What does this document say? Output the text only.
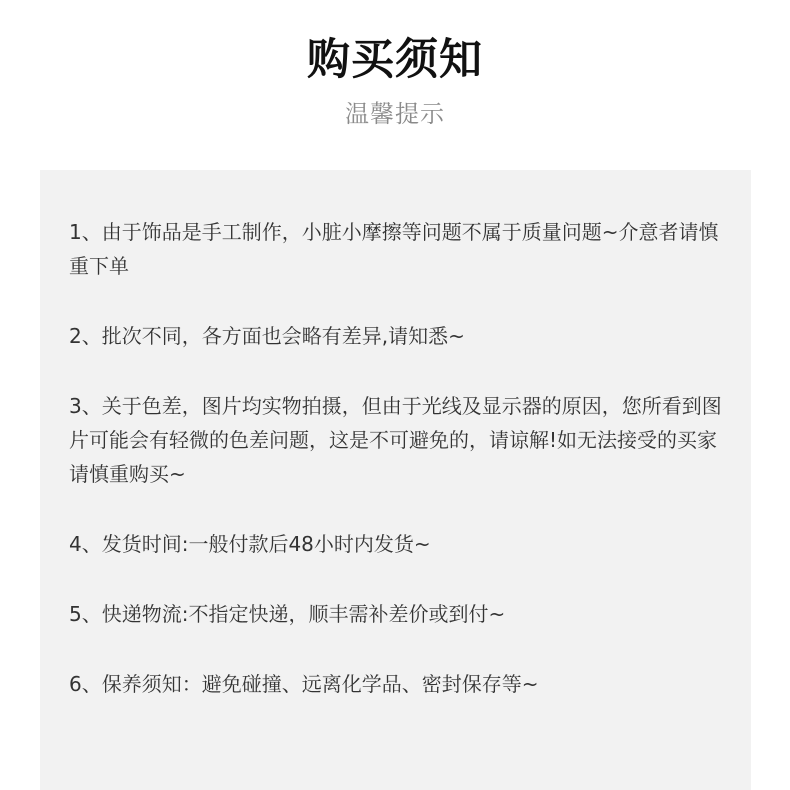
购买须知
温馨提示
1、由于饰品是手工制作，小脏小摩擦等问题不属于质量问题~介意者请慎重下单
2、批次不同，各方面也会略有差异,请知悉~
3、关于色差，图片均实物拍摄，但由于光线及显示器的原因，您所看到图片可能会有轻微的色差问题，这是不可避免的，请谅解!如无法接受的买家请慎重购买~
4、发货时间:一般付款后48小时内发货~
5、快递物流:不指定快递，顺丰需补差价或到付~
6、保养须知：避免碰撞、远离化学品、密封保存等~
